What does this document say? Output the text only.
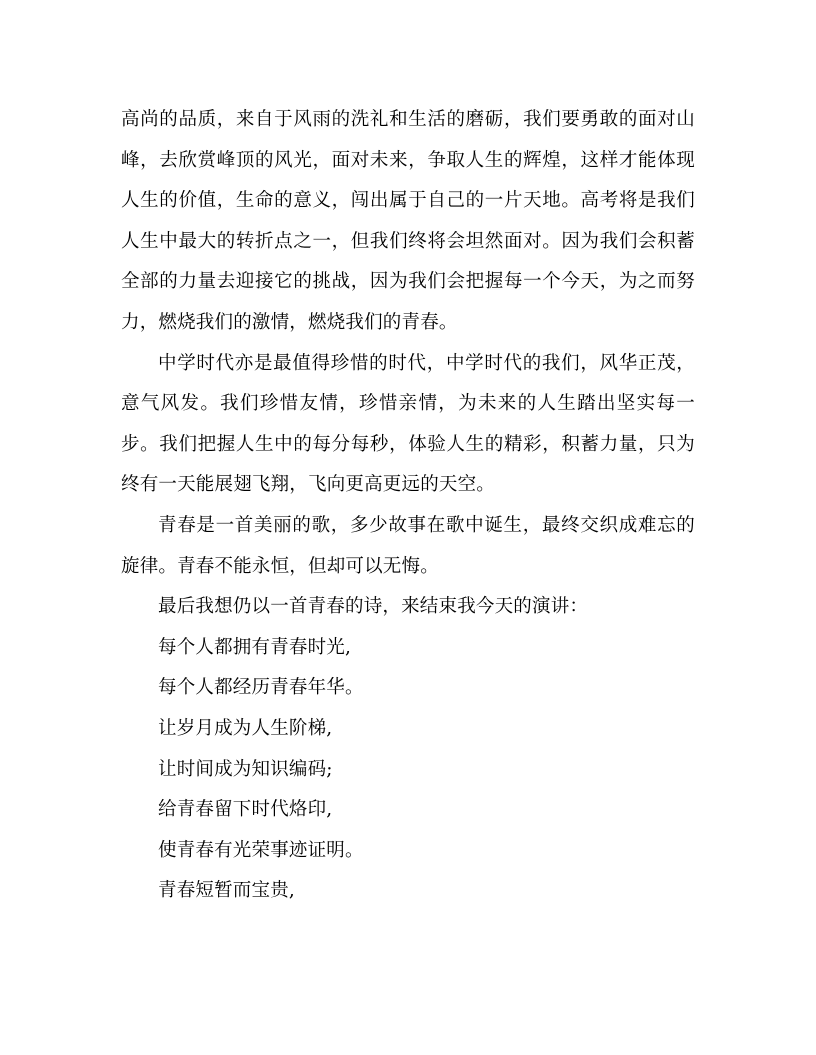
高尚的品质，来自于风雨的洗礼和生活的磨砺，我们要勇敢的面对山峰，去欣赏峰顶的风光，面对未来，争取人生的辉煌，这样才能体现人生的价值，生命的意义，闯出属于自己的一片天地。高考将是我们人生中最大的转折点之一，但我们终将会坦然面对。因为我们会积蓄全部的力量去迎接它的挑战，因为我们会把握每一个今天，为之而努力，燃烧我们的激情，燃烧我们的青春。

中学时代亦是最值得珍惜的时代，中学时代的我们，风华正茂，意气风发。我们珍惜友情，珍惜亲情，为未来的人生踏出坚实每一步。我们把握人生中的每分每秒，体验人生的精彩，积蓄力量，只为终有一天能展翅飞翔，飞向更高更远的天空。

青春是一首美丽的歌，多少故事在歌中诞生，最终交织成难忘的旋律。青春不能永恒，但却可以无悔。

最后我想仍以一首青春的诗，来结束我今天的演讲：

每个人都拥有青春时光,

每个人都经历青春年华。

让岁月成为人生阶梯,

让时间成为知识编码;

给青春留下时代烙印,

使青春有光荣事迹证明。

青春短暂而宝贵,
